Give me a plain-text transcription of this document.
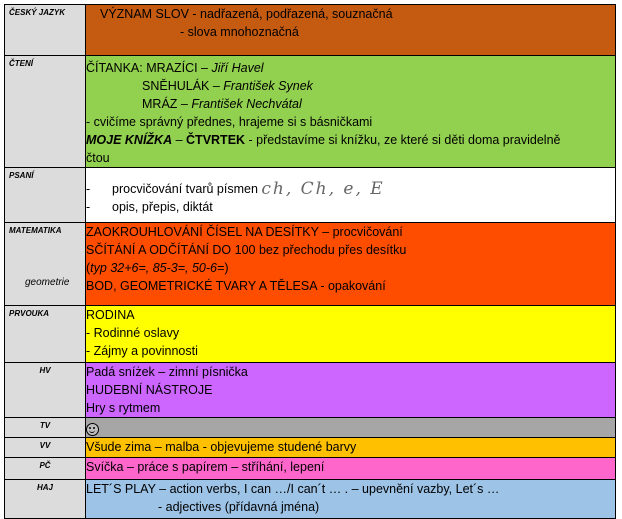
ČESKÝ JAZYK	VÝZNAM SLOV - nadřazená, podřazená, souznačná
- slova mnohoznačná

ČTENÍ	ČÍTANKA: MRAZÍCI – Jiří Havel
SNĚHULÁK – František Synek
MRÁZ – František Nechvátal
- cvičíme správný přednes, hrajeme si s básničkami
MOJE KNÍŽKA – ČTVRTEK - představíme si knížku, ze které si děti doma pravidelně čtou

PSANÍ	- procvičování tvarů písmen ch, Ch, e, E
- opis, přepis, diktát

MATEMATIKA
geometrie	ZAOKROUHLOVÁNÍ ČÍSEL NA DESÍTKY – procvičování
SČÍTÁNÍ A ODČÍTÁNÍ DO 100 bez přechodu přes desítku
(typ 32+6=, 85-3=, 50-6=)
BOD, GEOMETRICKÉ TVARY A TĚLESA - opakování

PRVOUKA	RODINA
- Rodinné oslavy
- Zájmy a povinnosti

HV	Padá sníżek – zimní písnička
HUDEBNÍ NÁSTROJE
Hry s rytmem

TV

VV	Všude zima – malba - objevujeme studené barvy

PČ	Svíčka – práce s papírem – stříhání, lepení

HAJ	LET´S PLAY – action verbs, I can …/I can´t … . – upevnění vazby, Let´s …
- adjectives (přídavná jména)
